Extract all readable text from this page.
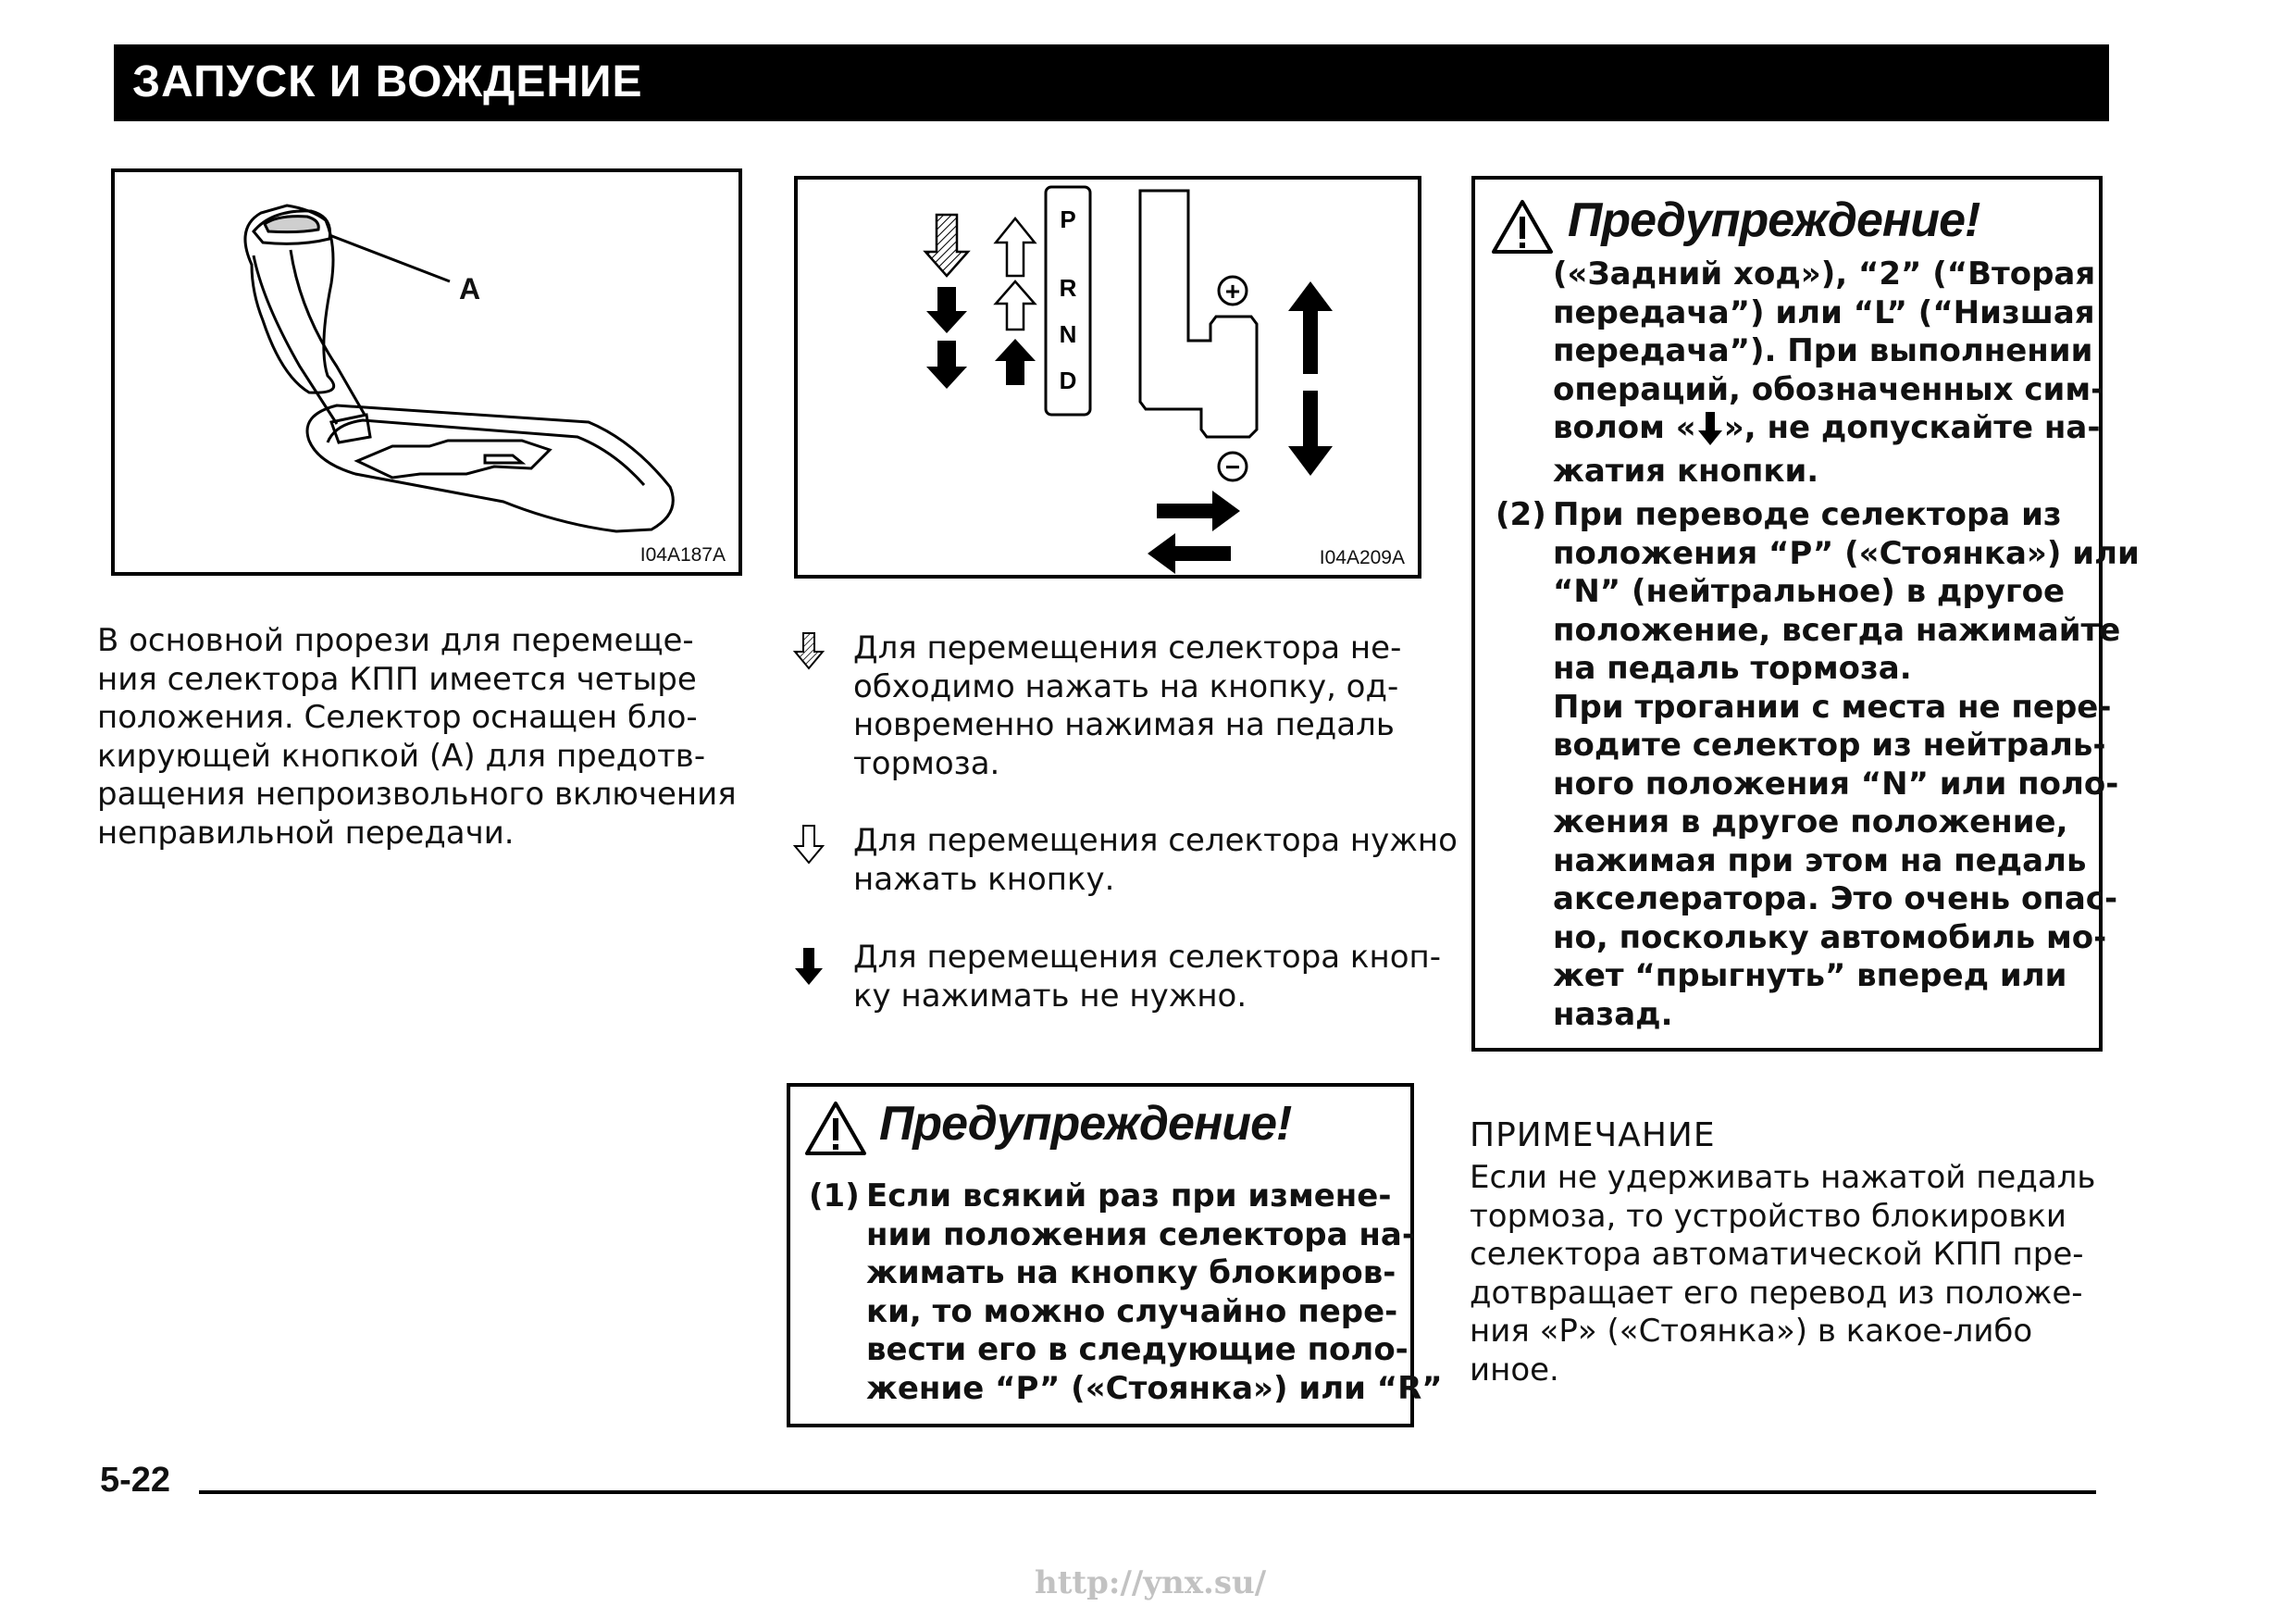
ЗАПУСК И ВОЖДЕНИЕ
A
I04A187A
P
R
N
D
+
−
I04A209A
В основной прорези для перемеще-
ния селектора КПП имеется четыре
положения. Селектор оснащен бло-
кирующей кнопкой (А) для предотв-
ращения непроизвольного включения
неправильной передачи.
Для перемещения селектора не-
обходимо нажать на кнопку, од-
новременно нажимая на педаль
тормоза.
Для перемещения селектора нужно
нажать кнопку.
Для перемещения селектора кноп-
ку нажимать не нужно.
Предупреждение!
(1) Если всякий раз при измене-
нии положения селектора на-
жимать на кнопку блокиров-
ки, то можно случайно пере-
вести его в следующие поло-
жение “P” («Стоянка») или “R”
Предупреждение!
(«Задний ход»), “2” (“Вторая
передача”) или “L” (“Низшая
передача”). При выполнении
операций, обозначенных сим-
волом « », не допускайте на-
жатия кнопки.
(2) При переводе селектора из
положения “P” («Стоянка») или
“N” (нейтральное) в другое
положение, всегда нажимайте
на педаль тормоза.
При трогании с места не пере-
водите селектор из нейтраль-
ного положения “N” или поло-
жения в другое положение,
нажимая при этом на педаль
акселератора. Это очень опас-
но, поскольку автомобиль мо-
жет “прыгнуть” вперед или
назад.
ПРИМЕЧАНИЕ
Если не удерживать нажатой педаль
тормоза, то устройство блокировки
селектора автоматической КПП пре-
дотвращает его перевод из положе-
ния «P» («Стоянка») в какое-либо
иное.
5-22
http://ynx.su/
